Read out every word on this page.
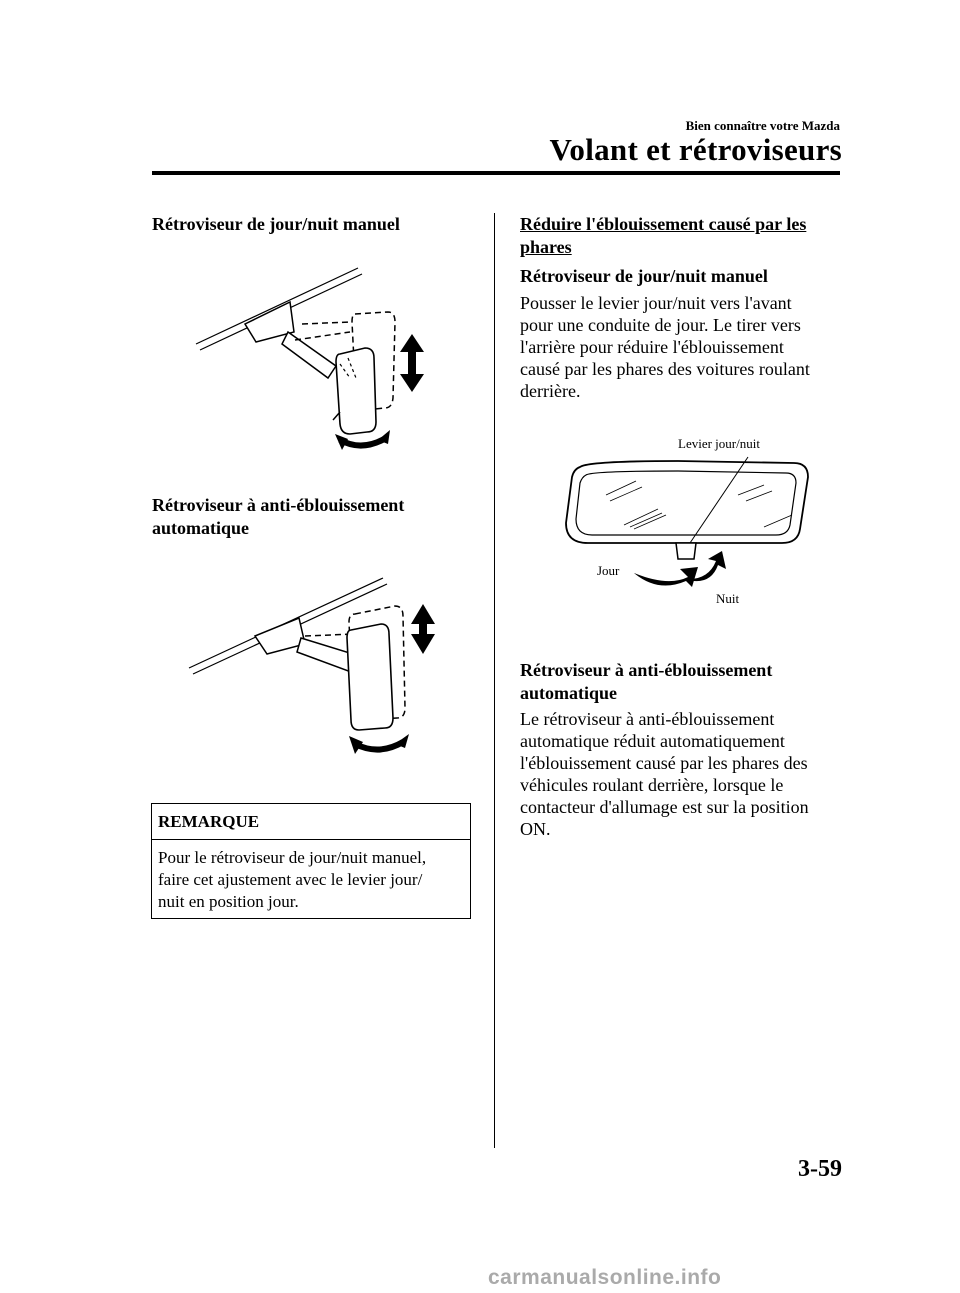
Bien connaître votre Mazda
Volant et rétroviseurs
Rétroviseur de jour/nuit manuel
Rétroviseur à anti-éblouissement
automatique
REMARQUE
Pour le rétroviseur de jour/nuit manuel,
faire cet ajustement avec le levier jour/
nuit en position jour.
Réduire l'éblouissement causé par les
phares
Rétroviseur de jour/nuit manuel
Pousser le levier jour/nuit vers l'avant
pour une conduite de jour. Le tirer vers
l'arrière pour réduire l'éblouissement
causé par les phares des voitures roulant
derrière.
Levier jour/nuit
Jour
Nuit
Rétroviseur à anti-éblouissement
automatique
Le rétroviseur à anti-éblouissement
automatique réduit automatiquement
l'éblouissement causé par les phares des
véhicules roulant derrière, lorsque le
contacteur d'allumage est sur la position
ON.
3-59
carmanualsonline.info
